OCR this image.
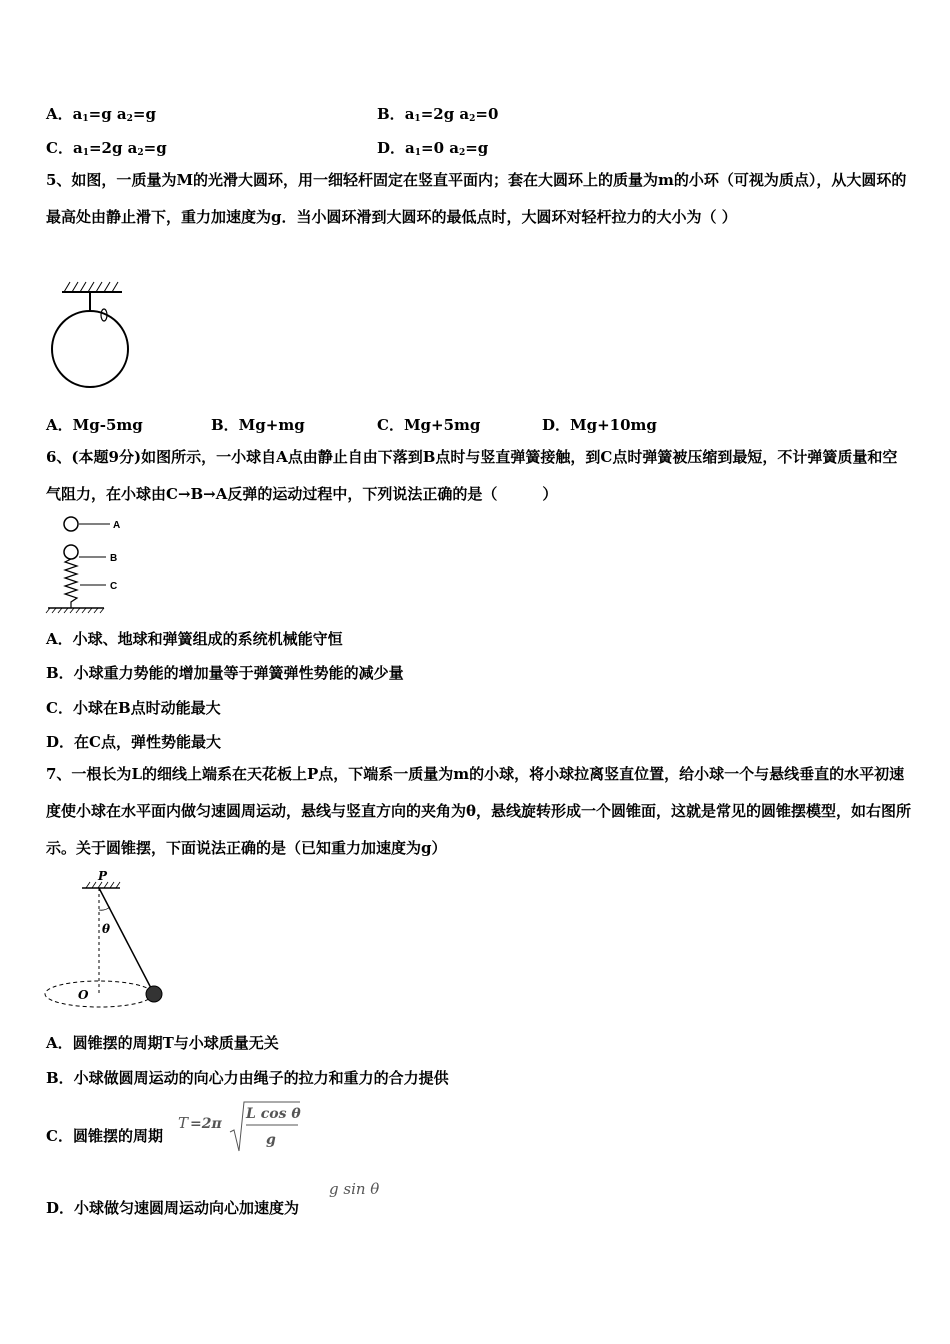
A．$a_1=g$ $a_2=g$	B．$a_1=2g$ $a_2=0$
C．$a_1=2g$ $a_2=g$	D．$a_1=0$ $a_2=g$
5、如图，一质量为M的光滑大圆环，用一细轻杆固定在竖直平面内；套在大圆环上的质量为m的小环（可视为质点），从大圆环的最高处由静止滑下，重力加速度为g．当小圆环滑到大圆环的最低点时，大圆环对轻杆拉力的大小为（ ）
A．Mg-5mg	B．Mg+mg	C．Mg+5mg	D．Mg+10mg
6、(本题9分)如图所示，一小球自A点由静止自由下落到B点时与竖直弹簧接触，到C点时弹簧被压缩到最短，不计弹簧质量和空气阻力，在小球由C→B→A反弹的运动过程中，下列说法正确的是（　　　）
A
B
C
A．小球、地球和弹簧组成的系统机械能守恒
B．小球重力势能的增加量等于弹簧弹性势能的减少量
C．小球在B点时动能最大
D．在C点，弹性势能最大
7、一根长为L的细线上端系在天花板上P点，下端系一质量为m的小球，将小球拉离竖直位置，给小球一个与悬线垂直的水平初速度使小球在水平面内做匀速圆周运动，悬线与竖直方向的夹角为θ，悬线旋转形成一个圆锥面，这就是常见的圆锥摆模型，如右图所示。关于圆锥摆，下面说法正确的是（已知重力加速度为g）
P
θ
O
A．圆锥摆的周期T与小球质量无关
B．小球做圆周运动的向心力由绳子的拉力和重力的合力提供
C．圆锥摆的周期
T =2π
L cos θ
g
D．小球做匀速圆周运动向心加速度为
g sin θ
